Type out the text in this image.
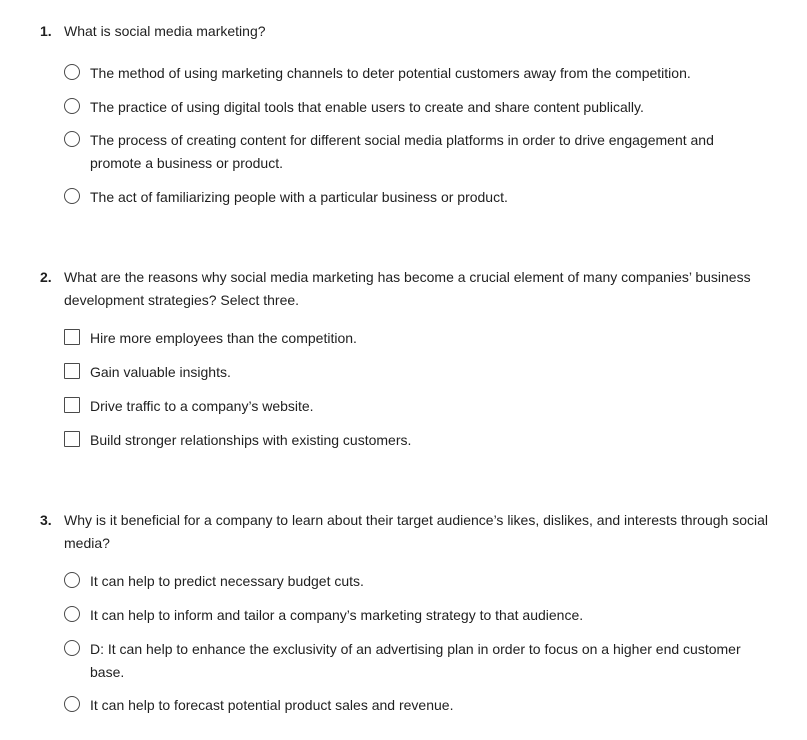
1. What is social media marketing?
The method of using marketing channels to deter potential customers away from the competition.
The practice of using digital tools that enable users to create and share content publically.
The process of creating content for different social media platforms in order to drive engagement and promote a business or product.
The act of familiarizing people with a particular business or product.
2. What are the reasons why social media marketing has become a crucial element of many companies’ business development strategies? Select three.
Hire more employees than the competition.
Gain valuable insights.
Drive traffic to a company’s website.
Build stronger relationships with existing customers.
3. Why is it beneficial for a company to learn about their target audience’s likes, dislikes, and interests through social media?
It can help to predict necessary budget cuts.
It can help to inform and tailor a company’s marketing strategy to that audience.
D: It can help to enhance the exclusivity of an advertising plan in order to focus on a higher end customer base.
It can help to forecast potential product sales and revenue.
